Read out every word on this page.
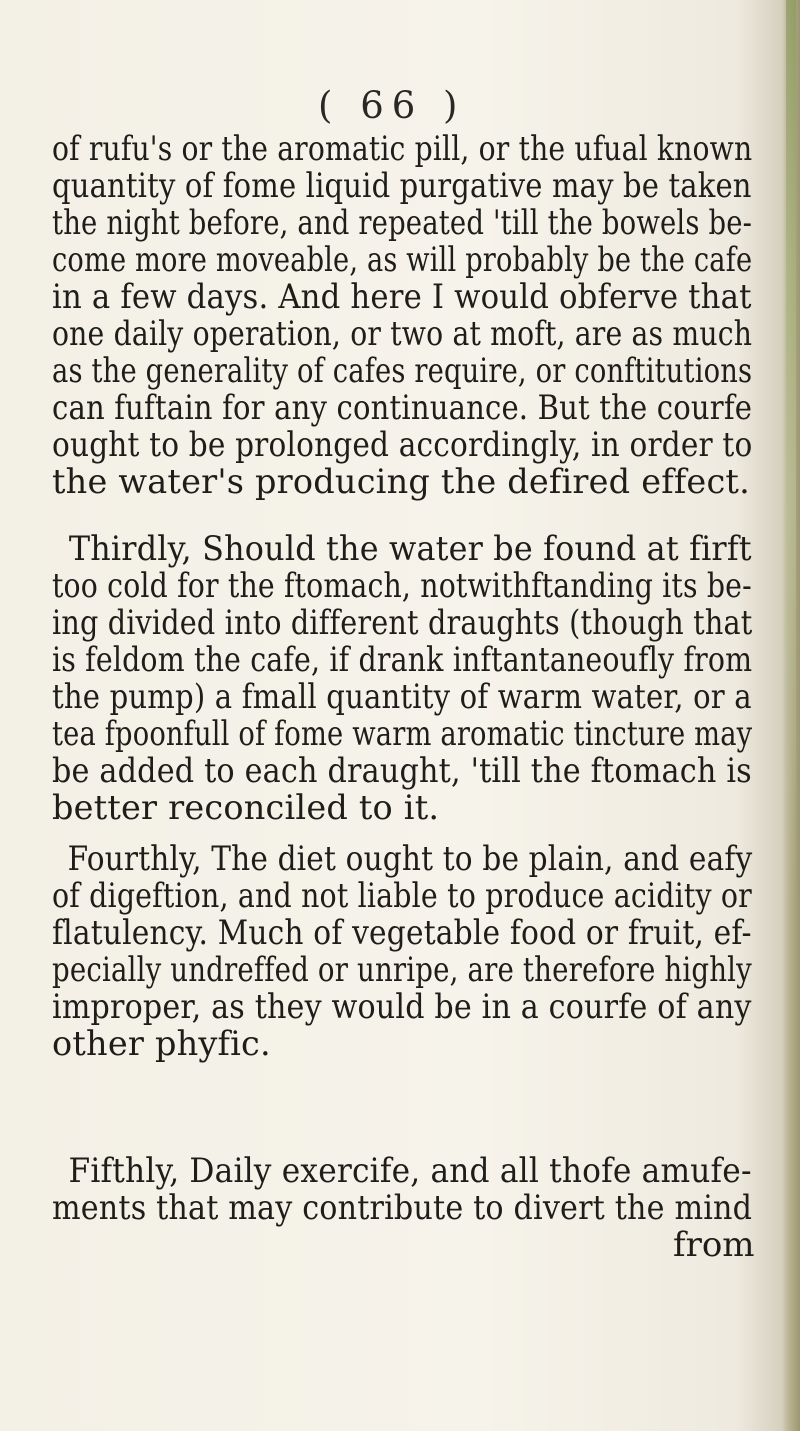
( 66 )
of rufu's or the aromatic pill, or the ufual known
quantity of fome liquid purgative may be taken
the night before, and repeated 'till the bowels be-
come more moveable, as will probably be the cafe
in a few days. And here I would obferve that
one daily operation, or two at moft, are as much
as the generality of cafes require, or conftitutions
can fuftain for any continuance. But the courfe
ought to be prolonged accordingly, in order to
the water's producing the defired effect.
Thirdly, Should the water be found at firft
too cold for the ftomach, notwithftanding its be-
ing divided into different draughts (though that
is feldom the cafe, if drank inftantaneoufly from
the pump) a fmall quantity of warm water, or a
tea fpoonfull of fome warm aromatic tincture may
be added to each draught, 'till the ftomach is
better reconciled to it.
Fourthly, The diet ought to be plain, and eafy
of digeftion, and not liable to produce acidity or
flatulency. Much of vegetable food or fruit, ef-
pecially undreffed or unripe, are therefore highly
improper, as they would be in a courfe of any
other phyfic.
Fifthly, Daily exercife, and all thofe amufe-
ments that may contribute to divert the mind
from
